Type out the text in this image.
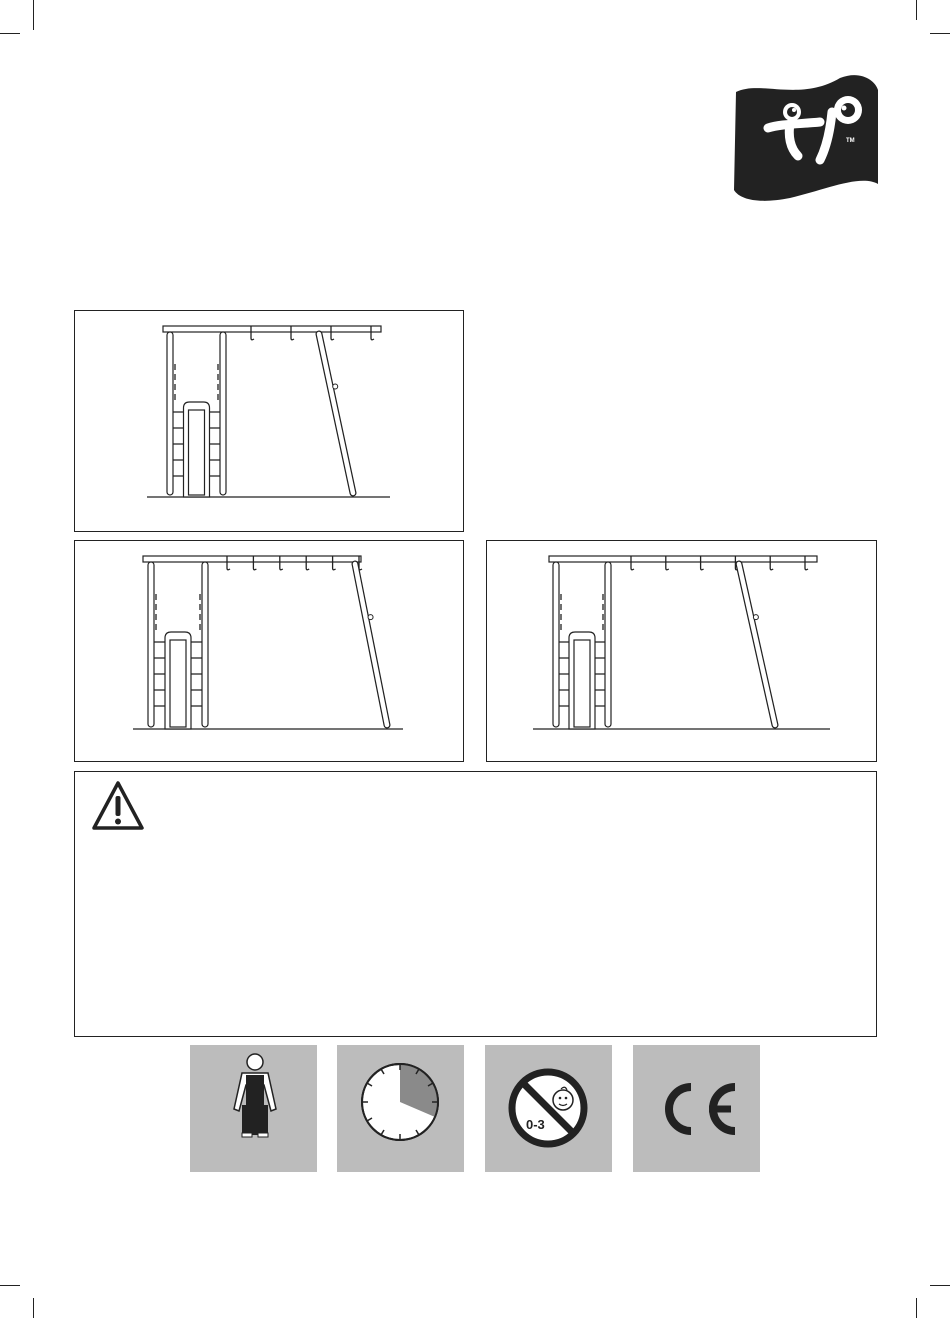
TM
0-3
